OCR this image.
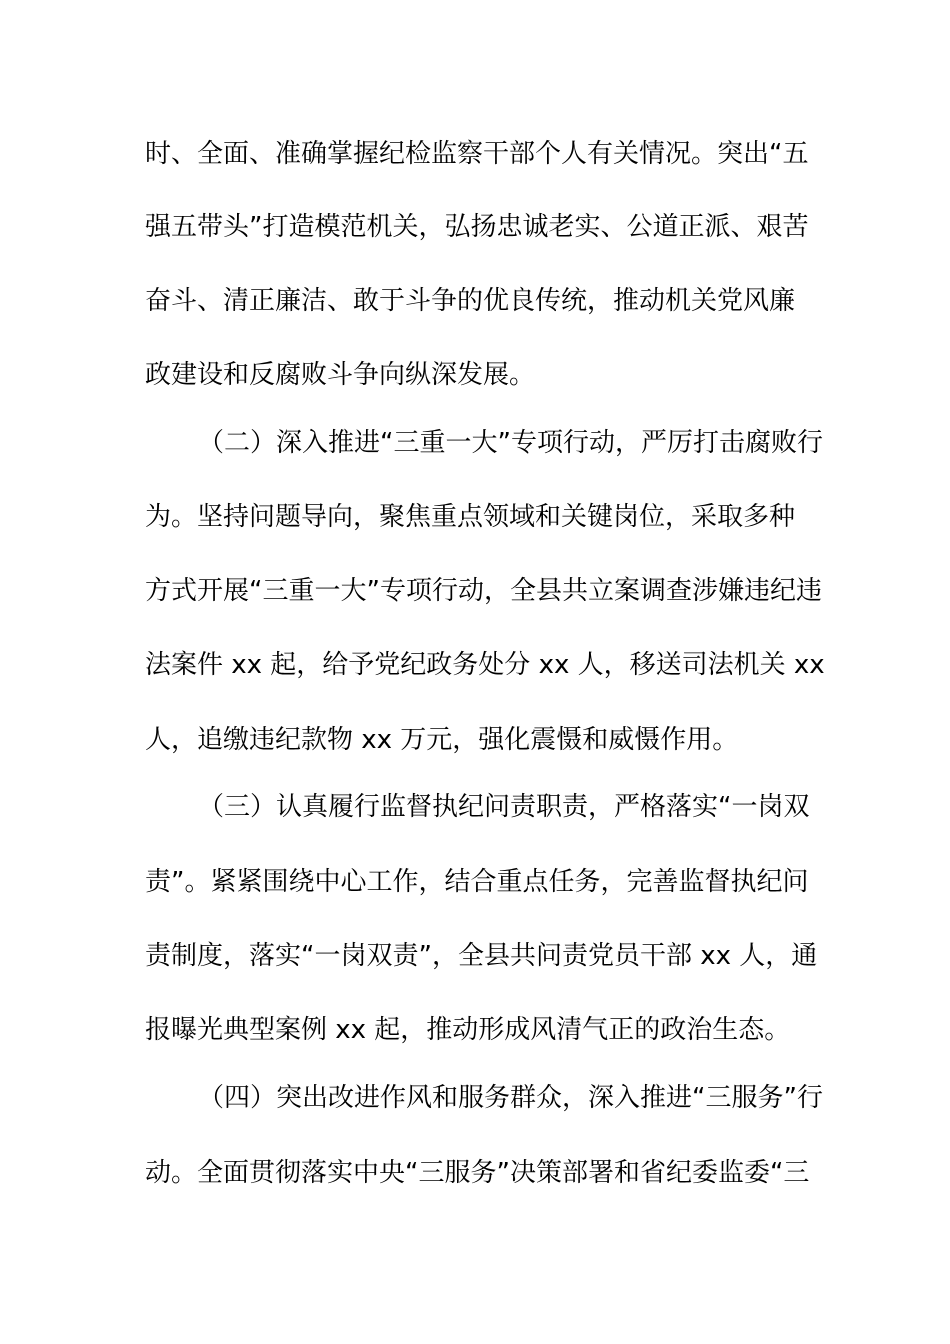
时、全面、准确掌握纪检监察干部个人有关情况。突出“五
强五带头”打造模范机关，弘扬忠诚老实、公道正派、艰苦
奋斗、清正廉洁、敢于斗争的优良传统，推动机关党风廉
政建设和反腐败斗争向纵深发展。
（二）深入推进“三重一大”专项行动，严厉打击腐败行
为。坚持问题导向，聚焦重点领域和关键岗位，采取多种
方式开展“三重一大”专项行动，全县共立案调查涉嫌违纪违
法案件 xx 起，给予党纪政务处分 xx 人，移送司法机关 xx
人，追缴违纪款物 xx 万元，强化震慑和威慑作用。
（三）认真履行监督执纪问责职责，严格落实“一岗双
责”。紧紧围绕中心工作，结合重点任务，完善监督执纪问
责制度，落实“一岗双责”，全县共问责党员干部 xx 人，通
报曝光典型案例 xx 起，推动形成风清气正的政治生态。
（四）突出改进作风和服务群众，深入推进“三服务”行
动。全面贯彻落实中央“三服务”决策部署和省纪委监委“三
